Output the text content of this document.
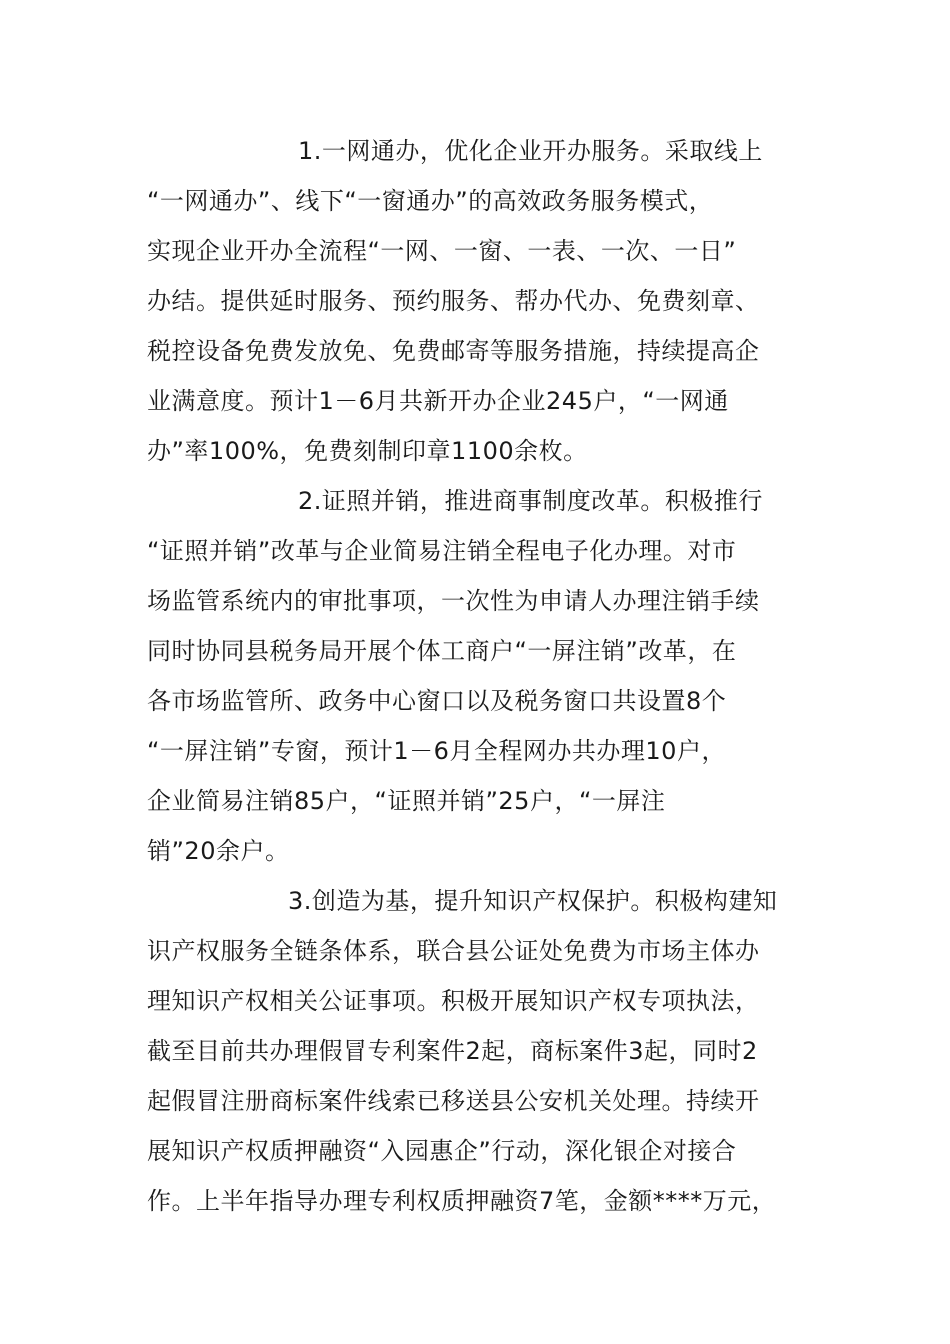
1.一网通办，优化企业开办服务。采取线上
“一网通办”、线下“一窗通办”的高效政务服务模式，
实现企业开办全流程“一网、一窗、一表、一次、一日”
办结。提供延时服务、预约服务、帮办代办、免费刻章、
税控设备免费发放免、免费邮寄等服务措施，持续提高企
业满意度。预计1－6月共新开办企业245户，“一网通
办”率100%，免费刻制印章1100余枚。
2.证照并销，推进商事制度改革。积极推行
“证照并销”改革与企业简易注销全程电子化办理。对市
场监管系统内的审批事项，一次性为申请人办理注销手续
同时协同县税务局开展个体工商户“一屏注销”改革，在
各市场监管所、政务中心窗口以及税务窗口共设置8个
“一屏注销”专窗，预计1－6月全程网办共办理10户，
企业简易注销85户，“证照并销”25户，“一屏注
销”20余户。
3.创造为基，提升知识产权保护。积极构建知
识产权服务全链条体系，联合县公证处免费为市场主体办
理知识产权相关公证事项。积极开展知识产权专项执法，
截至目前共办理假冒专利案件2起，商标案件3起，同时2
起假冒注册商标案件线索已移送县公安机关处理。持续开
展知识产权质押融资“入园惠企”行动，深化银企对接合
作。上半年指导办理专利权质押融资7笔，金额****万元，
